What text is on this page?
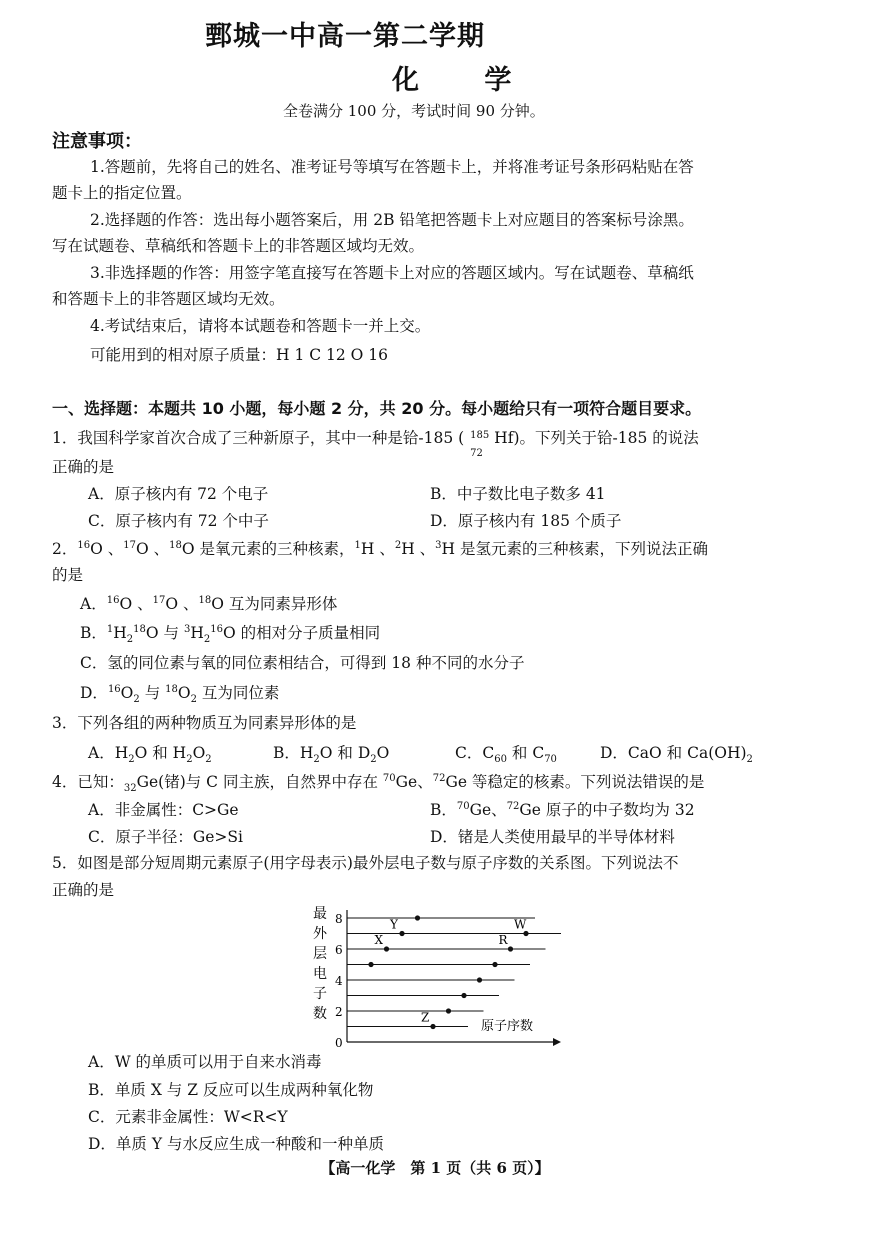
鄄城一中高一第二学期
化 学
全卷满分 100 分，考试时间 90 分钟。
注意事项：
1.答题前，先将自己的姓名、准考证号等填写在答题卡上，并将准考证号条形码粘贴在答
题卡上的指定位置。
2.选择题的作答：选出每小题答案后，用 2B 铅笔把答题卡上对应题目的答案标号涂黑。
写在试题卷、草稿纸和答题卡上的非答题区域均无效。
3.非选择题的作答：用签字笔直接写在答题卡上对应的答题区域内。写在试题卷、草稿纸
和答题卡上的非答题区域均无效。
4.考试结束后，请将本试题卷和答题卡一并上交。
可能用到的相对原子质量：H 1 C 12 O 16
一、选择题：本题共 10 小题，每小题 2 分，共 20 分。每小题给只有一项符合题目要求。
1．我国科学家首次合成了三种新原子，其中一种是铪-185 ( 185
72
Hf)。下列关于铪-185 的说法
正确的是
A．原子核内有 72 个电子	B．中子数比电子数多 41
C．原子核内有 72 个中子	D．原子核内有 185 个质子
2．$^{16}$O 、$^{17}$O 、$^{18}$O 是氧元素的三种核素，$^1$H 、$^2$H 、$^3$H 是氢元素的三种核素，下列说法正确
的是
A．$^{16}$O 、$^{17}$O 、$^{18}$O 互为同素异形体
B．$^1H_2^{18}O$ 与 $^3H_2^{16}O$ 的相对分子质量相同
C．氢的同位素与氧的同位素相结合，可得到 18 种不同的水分子
D．$^{16}O_2$ 与 $^{18}O_2$ 互为同位素
3．下列各组的两种物质互为同素异形体的是
A．$H_2O$ 和 $H_2O_2$	B．$H_2O$ 和 $D_2O$	C．$C_{60}$ 和 $C_{70}$	D．CaO 和 $Ca(OH)_2$
4．已知：$_{32}$Ge(锗)与 C 同主族，自然界中存在 $^{70}$Ge、$^{72}$Ge 等稳定的核素。下列说法错误的是
A．非金属性：C>Ge	B．$^{70}$Ge、$^{72}$Ge 原子的中子数均为 32
C．原子半径：Ge>Si	D．锗是人类使用最早的半导体材料
5．如图是部分短周期元素原子(用字母表示)最外层电子数与原子序数的关系图。下列说法不
正确的是
最
外
层
电
子
数
0
2
4
6
8
X
Y
Z
R
W
原子序数
A．W 的单质可以用于自来水消毒
B．单质 X 与 Z 反应可以生成两种氧化物
C．元素非金属性：W<R<Y
D．单质 Y 与水反应生成一种酸和一种单质
【高一化学　第 1 页（共 6 页）】
